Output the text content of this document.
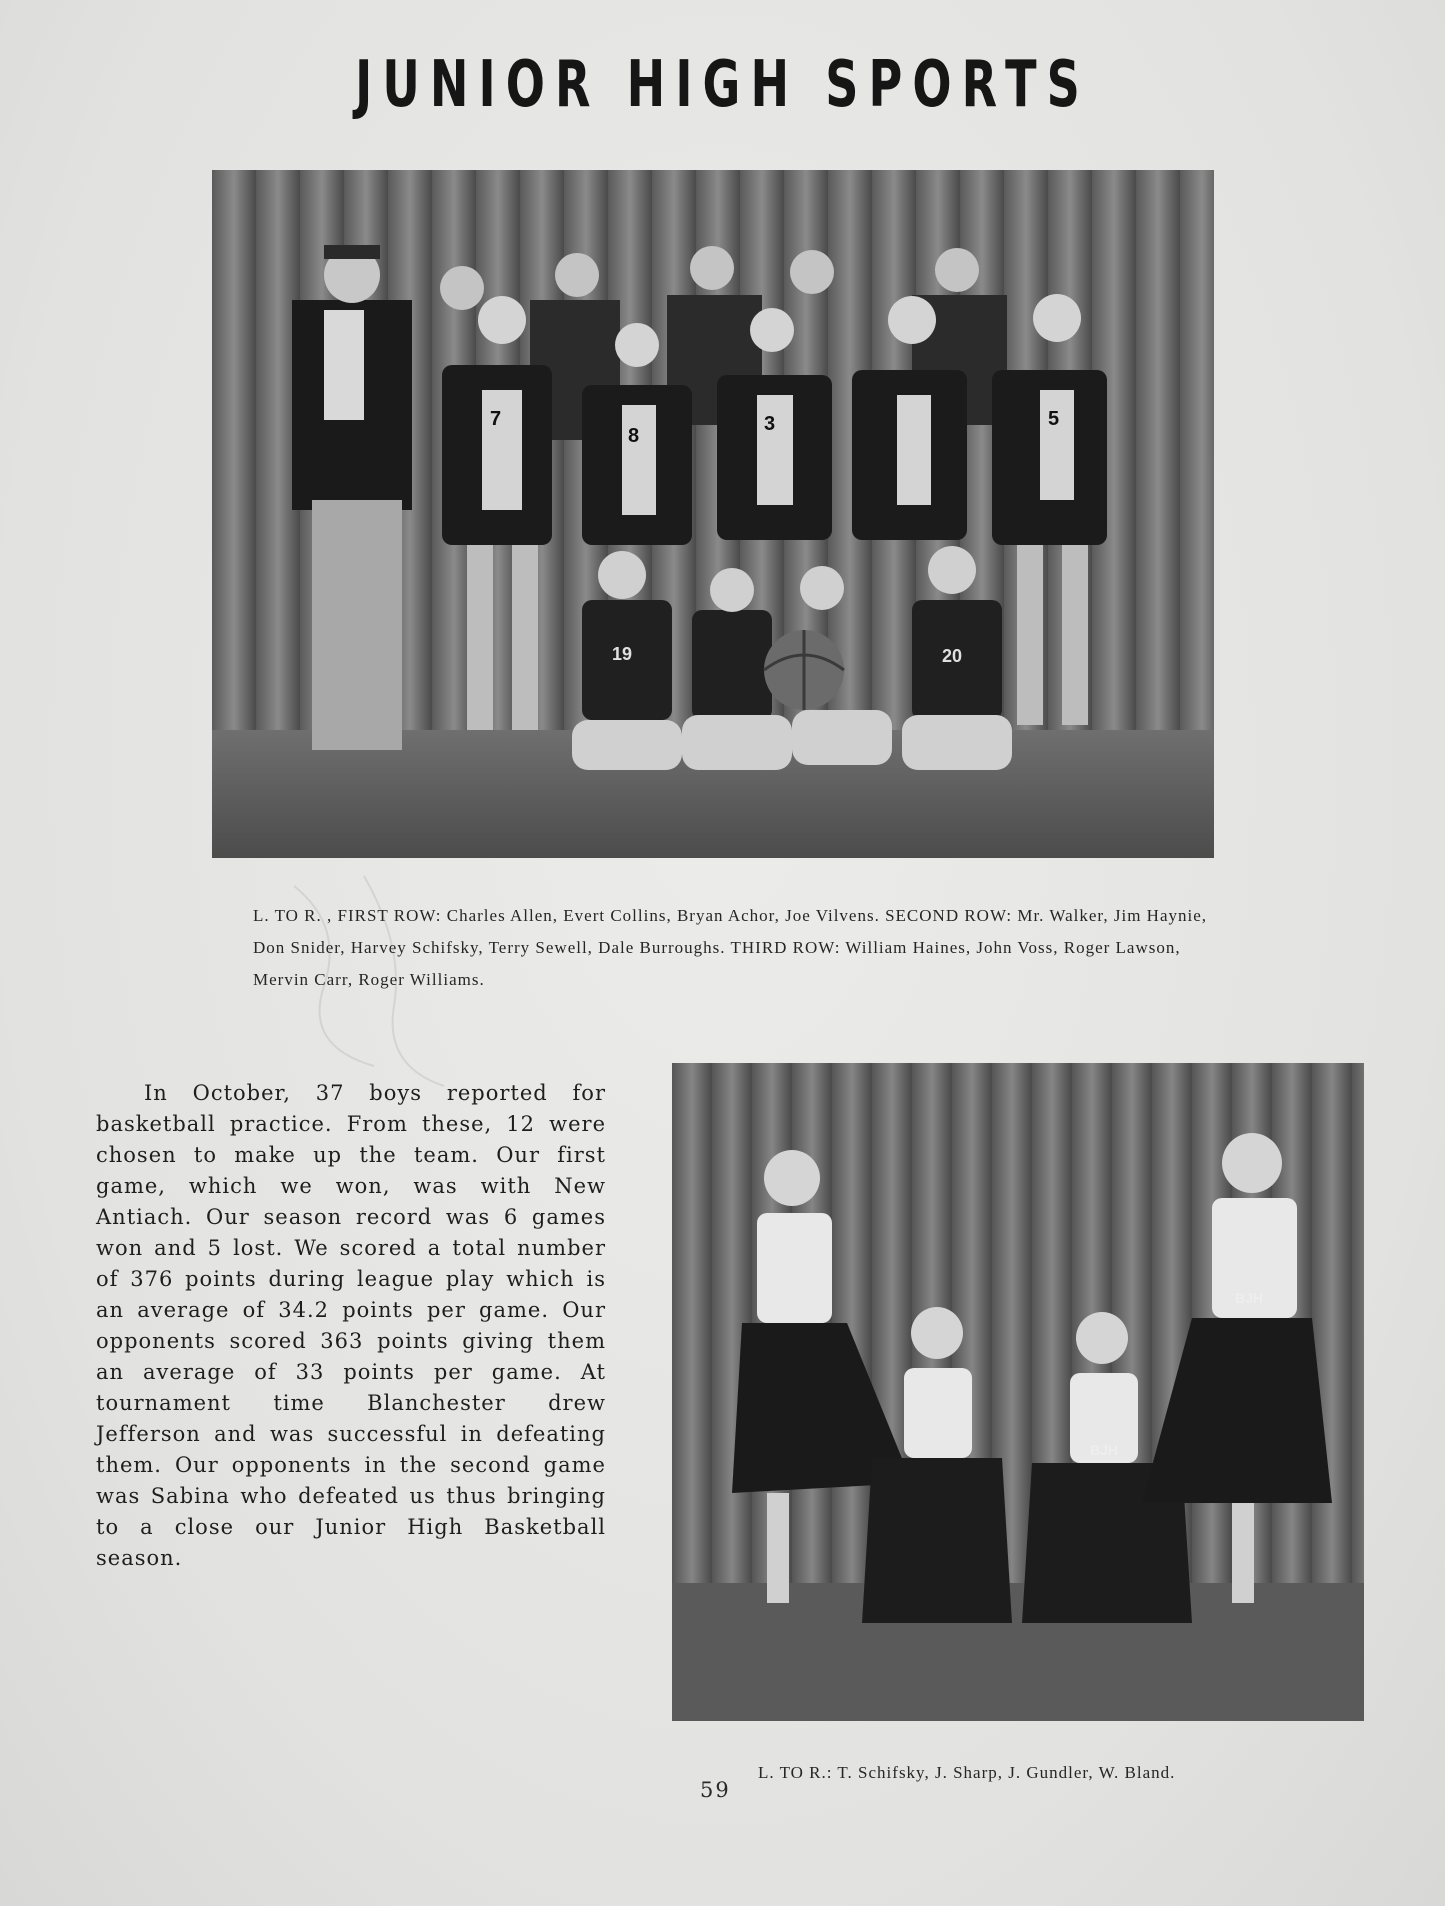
JUNIOR HIGH SPORTS
7
8
3	5
19	20
L. TO R. , FIRST ROW: Charles Allen, Evert Collins, Bryan Achor, Joe Vilvens. SECOND ROW: Mr. Walker, Jim Haynie, Don Snider, Harvey Schifsky, Terry Sewell, Dale Burroughs. THIRD ROW: William Haines, John Voss, Roger Lawson, Mervin Carr, Roger Williams.

In October, 37 boys reported for basketball practice. From these, 12 were chosen to make up the team. Our first game, which we won, was with New Antiach. Our season record was 6 games won and 5 lost. We scored a total number of 376 points during league play which is an average of 34.2 points per game. Our opponents scored 363 points giving them an average of 33 points per game. At tournament time Blanchester drew Jefferson and was successful in defeating them. Our opponents in the second game was Sabina who defeated us thus bringing to a close our Junior High Basketball season.

BJH
BJH
L. TO R.: T. Schifsky, J. Sharp, J. Gundler, W. Bland.
59
